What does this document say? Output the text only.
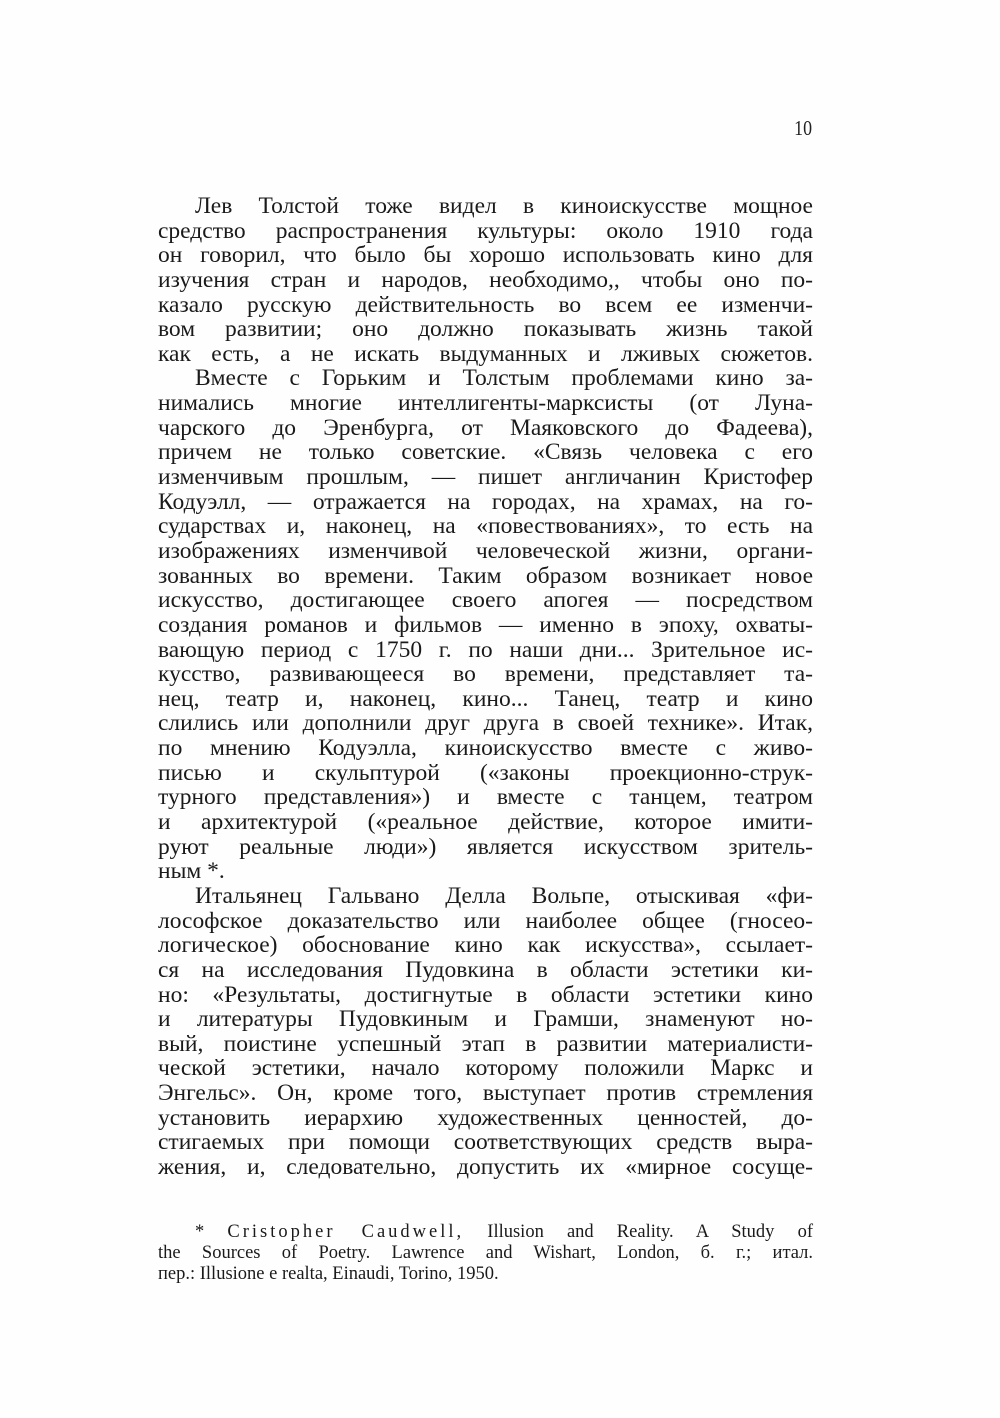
10
Лев Толстой тоже видел в киноискусстве мощное
средство распространения культуры: около 1910 года
он говорил, что было бы хорошо использовать кино для
изучения стран и народов, необходимо,, чтобы оно по-
казало русскую действительность во всем ее изменчи-
вом развитии; оно должно показывать жизнь такой
как есть, а не искать выдуманных и лживых сюжетов.
Вместе с Горьким и Толстым проблемами кино за-
нимались многие интеллигенты-марксисты (от Луна-
чарского до Эренбурга, от Маяковского до Фадеева),
причем не только советские. «Связь человека с его
изменчивым прошлым, — пишет англичанин Кристофер
Кодуэлл, — отражается на городах, на храмах, на го-
сударствах и, наконец, на «повествованиях», то есть на
изображениях изменчивой человеческой жизни, органи-
зованных во времени. Таким образом возникает новое
искусство, достигающее своего апогея — посредством
создания романов и фильмов — именно в эпоху, охваты-
вающую период с 1750 г. по наши дни... Зрительное ис-
кусство, развивающееся во времени, представляет та-
нец, театр и, наконец, кино... Танец, театр и кино
слились или дополнили друг друга в своей технике». Итак,
по мнению Кодуэлла, киноискусство вместе с живо-
писью и скульптурой («законы проекционно-струк-
турного представления») и вместе с танцем, театром
и архитектурой («реальное действие, которое имити-
руют реальные люди») является искусством зритель-
ным *.
Итальянец Гальвано Делла Вольпе, отыскивая «фи-
лософское доказательство или наиболее общее (гносео-
логическое) обоснование кино как искусства», ссылает-
ся на исследования Пудовкина в области эстетики ки-
но: «Результаты, достигнутые в области эстетики кино
и литературы Пудовкиным и Грамши, знаменуют но-
вый, поистине успешный этап в развитии материалисти-
ческой эстетики, начало которому положили Маркс и
Энгельс». Он, кроме того, выступает против стремления
установить иерархию художественных ценностей, до-
стигаемых при помощи соответствующих средств выра-
жения, и, следовательно, допустить их «мирное сосуще-
* Cristopher Caudwell, Illusion and Reality. A Study of
the Sources of Poetry. Lawrence and Wishart, London, б. г.; итал.
пер.: Illusione e realta, Einaudi, Torino, 1950.
